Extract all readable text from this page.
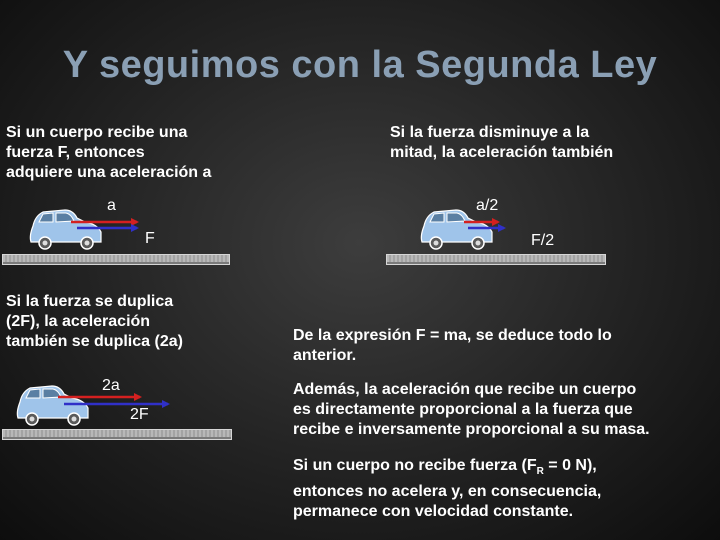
Y seguimos con la Segunda Ley
Si un cuerpo recibe una
fuerza F, entonces
adquiere una aceleración a
Si la fuerza disminuye a la
mitad, la aceleración también
a
F
a/2
F/2
Si la fuerza se duplica
(2F), la aceleración
también se duplica (2a)
2a
2F
De la expresión F = ma, se deduce todo lo
anterior.
Además, la aceleración que recibe un cuerpo
es directamente proporcional a la fuerza que
recibe e inversamente proporcional a su masa.
Si un cuerpo no recibe fuerza ($F_R = 0$ N),
entonces no acelera y, en consecuencia,
permanece con velocidad constante.
